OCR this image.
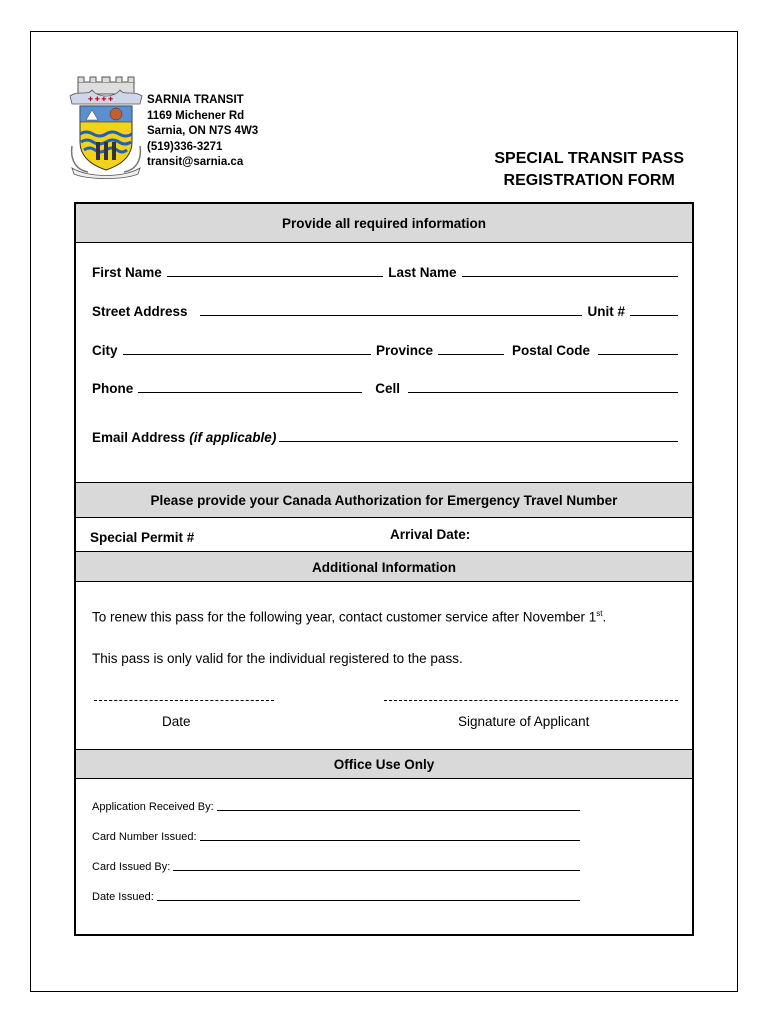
✚ ✚ ✚ ✚	SARNIA TRANSIT
1169 Michener Rd
Sarnia, ON N7S 4W3
(519)336-3271
transit@sarnia.ca	SPECIAL TRANSIT PASS
REGISTRATION FORM
Provide all required information
First Name	Last Name
Street Address	Unit #
City	Province	Postal Code
Phone	Cell
Email Address (if applicable)
Please provide your Canada Authorization for Emergency Travel Number
Special Permit #	Arrival Date:
Additional Information
To renew this pass for the following year, contact customer service after November 1st.
This pass is only valid for the individual registered to the pass.
Date	Signature of Applicant
Office Use Only
Application Received By:
Card Number Issued:
Card Issued By:
Date Issued:
